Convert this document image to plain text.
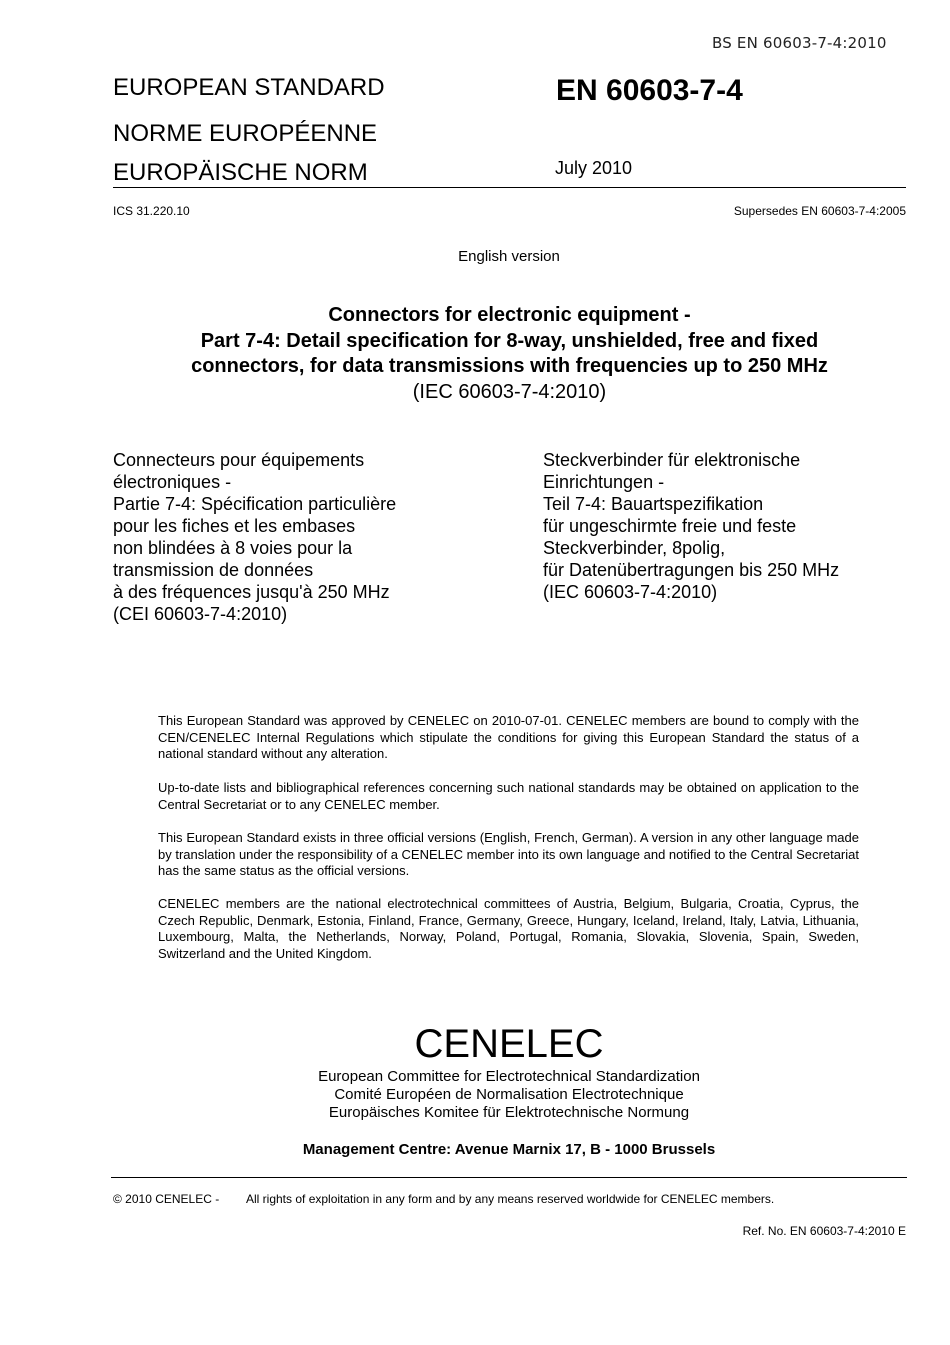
BS EN 60603-7-4:2010
EUROPEAN STANDARD
NORME EUROPÉENNE
EUROPÄISCHE NORM
EN 60603-7-4
July 2010
ICS 31.220.10	Supersedes EN 60603-7-4:2005
English version
Connectors for electronic equipment -
Part 7-4: Detail specification for 8-way, unshielded, free and fixed
connectors, for data transmissions with frequencies up to 250 MHz
(IEC 60603-7-4:2010)
Connecteurs pour équipements
électroniques -
Partie 7-4: Spécification particulière
pour les fiches et les embases
non blindées à 8 voies pour la
transmission de données
à des fréquences jusqu'à 250 MHz
(CEI 60603-7-4:2010)
Steckverbinder für elektronische
Einrichtungen -
Teil 7-4: Bauartspezifikation
für ungeschirmte freie und feste
Steckverbinder, 8polig,
für Datenübertragungen bis 250 MHz
(IEC 60603-7-4:2010)

This European Standard was approved by CENELEC on 2010-07-01. CENELEC members are bound to comply with the CEN/CENELEC Internal Regulations which stipulate the conditions for giving this European Standard the status of a national standard without any alteration.

Up-to-date lists and bibliographical references concerning such national standards may be obtained on application to the Central Secretariat or to any CENELEC member.

This European Standard exists in three official versions (English, French, German). A version in any other language made by translation under the responsibility of a CENELEC member into its own language and notified to the Central Secretariat has the same status as the official versions.

CENELEC members are the national electrotechnical committees of Austria, Belgium, Bulgaria, Croatia, Cyprus, the Czech Republic, Denmark, Estonia, Finland, France, Germany, Greece, Hungary, Iceland, Ireland, Italy, Latvia, Lithuania, Luxembourg, Malta, the Netherlands, Norway, Poland, Portugal, Romania, Slovakia, Slovenia, Spain, Sweden, Switzerland and the United Kingdom.

CENELEC
European Committee for Electrotechnical Standardization
Comité Européen de Normalisation Electrotechnique
Europäisches Komitee für Elektrotechnische Normung
Management Centre: Avenue Marnix 17, B - 1000 Brussels
© 2010 CENELEC - All rights of exploitation in any form and by any means reserved worldwide for CENELEC members.
Ref. No. EN 60603-7-4:2010 E
